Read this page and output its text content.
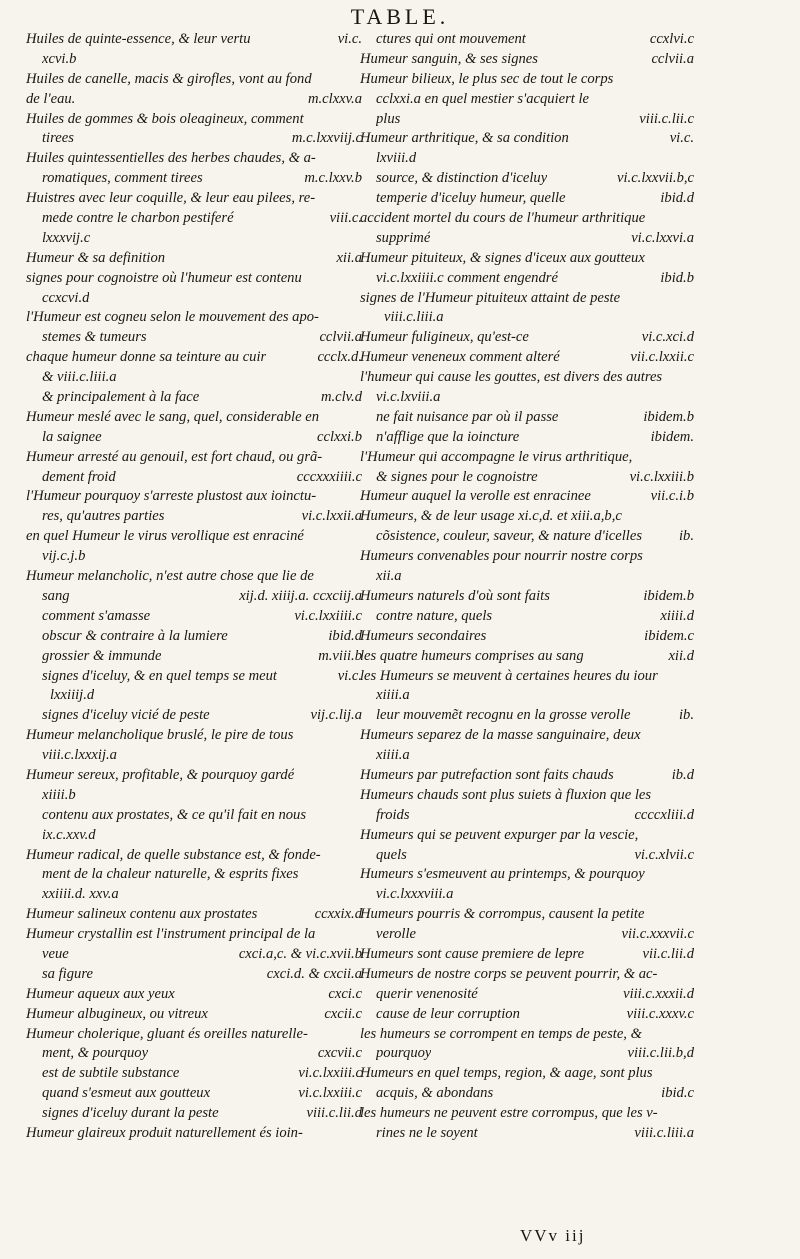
TABLE.
Huiles de quinte-essence, & leur vertu	vi.c.
xcvi.b
Huiles de canelle, macis & girofles, vont au fond
de l'eau.	m.clxxv.a
Huiles de gommes & bois oleagineux, comment
tirees	m.c.lxxviij.c
Huiles quintessentielles des herbes chaudes, & a-
romatiques, comment tirees	m.c.lxxv.b
Huistres avec leur coquille, & leur eau pilees, re-
mede contre le charbon pestiferé	viii.c.
lxxxvij.c
Humeur & sa definition	xii.a
signes pour cognoistre où l'humeur est contenu
ccxcvi.d
l'Humeur est cogneu selon le mouvement des apo-
stemes & tumeurs	cclvii.a
chaque humeur donne sa teinture au cuir	ccclx.d.
& viii.c.liii.a
& principalement à la face	m.clv.d
Humeur meslé avec le sang, quel, considerable en
la saignee	cclxxi.b
Humeur arresté au genouil, est fort chaud, ou grã-
dement froid	cccxxxiiii.c
l'Humeur pourquoy s'arreste plustost aux ioinctu-
res, qu'autres parties	vi.c.lxxii.a
en quel Humeur le virus verollique est enraciné
vij.c.j.b
Humeur melancholic, n'est autre chose que lie de
sang	xij.d. xiiij.a. ccxciij.a
comment s'amasse	vi.c.lxxiiii.c
obscur & contraire à la lumiere	ibid.d
grossier & immunde	m.viii.b
signes d'iceluy, & en quel temps se meut	vi.c.
lxxiiij.d
signes d'iceluy vicié de peste	vij.c.lij.a
Humeur melancholique bruslé, le pire de tous
viii.c.lxxxij.a
Humeur sereux, profitable, & pourquoy gardé
xiiii.b
contenu aux prostates, & ce qu'il fait en nous
ix.c.xxv.d
Humeur radical, de quelle substance est, & fonde-
ment de la chaleur naturelle, & esprits fixes
xxiiii.d. xxv.a
Humeur salineux contenu aux prostates	ccxxix.d
Humeur crystallin est l'instrument principal de la
veue	cxci.a,c. & vi.c.xvii.b
sa figure	cxci.d. & cxcii.a
Humeur aqueux aux yeux	cxci.c
Humeur albugineux, ou vitreux	cxcii.c
Humeur cholerique, gluant és oreilles naturelle-
ment, & pourquoy	cxcvii.c
est de subtile substance	vi.c.lxxiii.c
quand s'esmeut aux goutteux	vi.c.lxxiii.c
signes d'iceluy durant la peste	viii.c.lii.d
Humeur glaireux produit naturellement és ioin-
ctures qui ont mouvement	ccxlvi.c
Humeur sanguin, & ses signes	cclvii.a
Humeur bilieux, le plus sec de tout le corps
cclxxi.a en quel mestier s'acquiert le
plus	viii.c.lii.c
Humeur arthritique, & sa condition	vi.c.
lxviii.d
source, & distinction d'iceluy	vi.c.lxxvii.b,c
temperie d'iceluy humeur, quelle	ibid.d
accident mortel du cours de l'humeur arthritique
supprimé	vi.c.lxxvi.a
Humeur pituiteux, & signes d'iceux aux goutteux
vi.c.lxxiiii.c comment engendré	ibid.b
signes de l'Humeur pituiteux attaint de peste
viii.c.liii.a
Humeur fuligineux, qu'est-ce	vi.c.xci.d
Humeur veneneux comment alteré	vii.c.lxxii.c
l'humeur qui cause les gouttes, est divers des autres
vi.c.lxviii.a
ne fait nuisance par où il passe	ibidem.b
n'afflige que la ioincture	ibidem.
l'Humeur qui accompagne le virus arthritique,
& signes pour le cognoistre	vi.c.lxxiii.b
Humeur auquel la verolle est enracinee	vii.c.i.b
Humeurs, & de leur usage xi.c,d. et xiii.a,b,c
cõsistence, couleur, saveur, & nature d'icelles	ib.
Humeurs convenables pour nourrir nostre corps
xii.a
Humeurs naturels d'où sont faits	ibidem.b
contre nature, quels	xiiii.d
Humeurs secondaires	ibidem.c
les quatre humeurs comprises au sang	xii.d
les Humeurs se meuvent à certaines heures du iour
xiiii.a
leur mouvemẽt recognu en la grosse verolle	ib.
Humeurs separez de la masse sanguinaire, deux
xiiii.a
Humeurs par putrefaction sont faits chauds	ib.d
Humeurs chauds sont plus suiets à fluxion que les
froids	ccccxliii.d
Humeurs qui se peuvent expurger par la vescie,
quels	vi.c.xlvii.c
Humeurs s'esmeuvent au printemps, & pourquoy
vi.c.lxxxviii.a
Humeurs pourris & corrompus, causent la petite
verolle	vii.c.xxxvii.c
Humeurs sont cause premiere de lepre	vii.c.lii.d
Humeurs de nostre corps se peuvent pourrir, & ac-
querir venenosité	viii.c.xxxii.d
cause de leur corruption	viii.c.xxxv.c
les humeurs se corrompent en temps de peste, &
pourquoy	viii.c.lii.b,d
Humeurs en quel temps, region, & aage, sont plus
acquis, & abondans	ibid.c
les humeurs ne peuvent estre corrompus, que les v-
rines ne le soyent	viii.c.liii.a
VVv iij
